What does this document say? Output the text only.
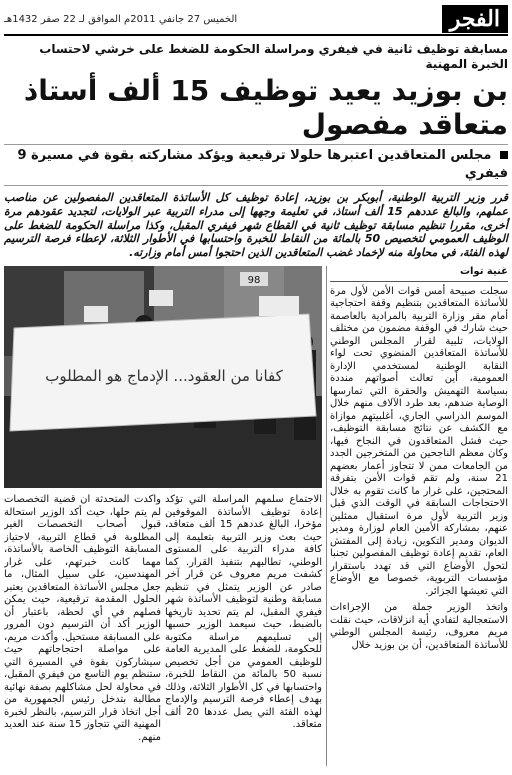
الفجر
الخميس 27 جانفي 2011م الموافق لـ 22 صفر 1432هـ
مسابقة توظيف ثانية في فيفري ومراسلة الحكومة للضغط على خرشي لاحتساب الخبرة المهنية
بن بوزيد يعيد توظيف 15 ألف أستاذ متعاقد مفصول
مجلس المتعاقدين اعتبرها حلولا ترقيعية ويؤكد مشاركته بقوة في مسيرة 9 فيفري
قرر وزير التربية الوطنية، أبوبكر بن بوزيد، إعادة توظيف كل الأساتذة المتعاقدين المفصولين عن مناصب عملهم، والبالغ عددهم 15 ألف أستاذ، في تعليمة وجهها إلى مدراء التربية عبر الولايات، لتجديد عقودهم مرة أخرى، مقررا تنظيم مسابقة توظيف ثانية في القطاع شهر فيفري المقبل، وكذا مراسلة الحكومة للضغط على الوظيف العمومي لتخصيص 50 بالمائة من النقاط للخبرة واحتسابها في الأطوار الثلاثة، لإعطاء فرصة الترسيم لهذه الفئة، في محاولة منه لإخماد غضب المتعاقدين الذين احتجوا أمس أمام وزارته.
غنية توات

سجلت صبيحة أمس قوات الأمن لأول مرة للأساتذة المتعاقدين بتنظيم وقفة احتجاجية أمام مقر وزارة التربية بالمرادية بالعاصمة حيث شارك في الوقفة مضمون من مختلف الولايات، تلبية لقرار المجلس الوطني للأساتذة المتعاقدين المنضوي تحت لواء النقابة الوطنية لمستخدمي الإدارة العمومية، أين تعالت أصواتهم منددة بسياسة التهميش والحقرة التي تمارسها الوصاية ضدهم، بعد طرد الآلاف منهم خلال الموسم الدراسي الجاري، أغلبيتهم موازاة مع الكشف عن نتائج مسابقة التوظيف، حيث فشل المتعاقدون في النجاح فيها، وكان معظم الناجحين من المتخرجين الجدد من الجامعات ممن لا تتجاوز أعمار بعضهم 21 سنة، ولم تقم قوات الأمن بتفرقة المحتجين، على غرار ما كانت تقوم به خلال الاحتجاجات السابقة في الوقت الذي قبل وزير التربية لأول مرة استقبال ممثلين عنهم، بمشاركة الأمين العام لوزارة ومدير الديوان ومدير التكوين، زيادة إلى المفتش العام، تقديم إعادة توظيف المفصولين تجنبا لتحول الأوضاع التي قد تهدد باستقرار مؤسسات التربوية، خصوصا مع الأوضاع التي تعيشها الجزائر.

واتخذ الوزير جملة من الإجراءات الاستعجالية لتفادي أية انزلاقات، حيث نقلت مريم معروف، رئيسة المجلس الوطني للأساتذة المتعاقدين، أن بن بوزيد خلال

98
كفانا من العقود... الإدماج هو المطلوب

الاجتماع سلمهم المراسلة التي تؤكد إعادة توظيف الأساتذة الموقوفين مؤخرا، البالغ عددهم 15 ألف متعاقد، حيث بعث وزير التربية بتعليمة إلى كافة مدراء التربية على المستوى الوطني، تطالبهم بتنفيذ القرار. كما كشفت مريم معروف عن قرار آخر صادر عن الوزير يتمثل في تنظيم مسابقة وطنية لتوظيف الأساتذة شهر فيفري المقبل، لم يتم تحديد تاريخها بالضبط، حيث سيعمد الوزير حسبها إلى تسليمهم مراسلة مكتوبة للحكومة، للضغط على المديرية العامة للوظيف العمومي من أجل تخصيص نسبة 50 بالمائة من النقاط للخبرة، واحتسابها في كل الأطوار الثلاثة، وذلك بهدف إعطاء فرصة الترسيم والإدماج لهذه الفئة التي يصل عددها 20 ألف متعاقد.

وأكدت المتحدثة أن قضية التخصصات لم يتم حلها، حيث أكد الوزير استحالة قبول أصحاب التخصصات الغير المطلوبة في قطاع التربية، لاجتياز المسابقة التوظيف الخاصة بالأساتذة، مهما كانت خبرتهم، على غرار المهندسين، على سبيل المثال، ما جعل مجلس الأساتذة المتعاقدين يعتبر الحلول المقدمة ترقيعية، حيث يمكن فصلهم في أي لحظة، باعتبار أن الوزير أكد أن الترسيم دون المرور على المسابقة مستحيل. وأكدت مريم، على مواصلة احتجاجاتهم حيث سيشاركون بقوة في المسيرة التي ستنظم يوم التاسع من فيفري المقبل، في محاولة لحل مشاكلهم بصفة نهائية مطالبة بتدخل رئيس الجمهورية من أجل اتخاذ قرار الترسيم، بالنظر لخبرة المهنية التي تتجاوز 15 سنة عند العديد منهم.
